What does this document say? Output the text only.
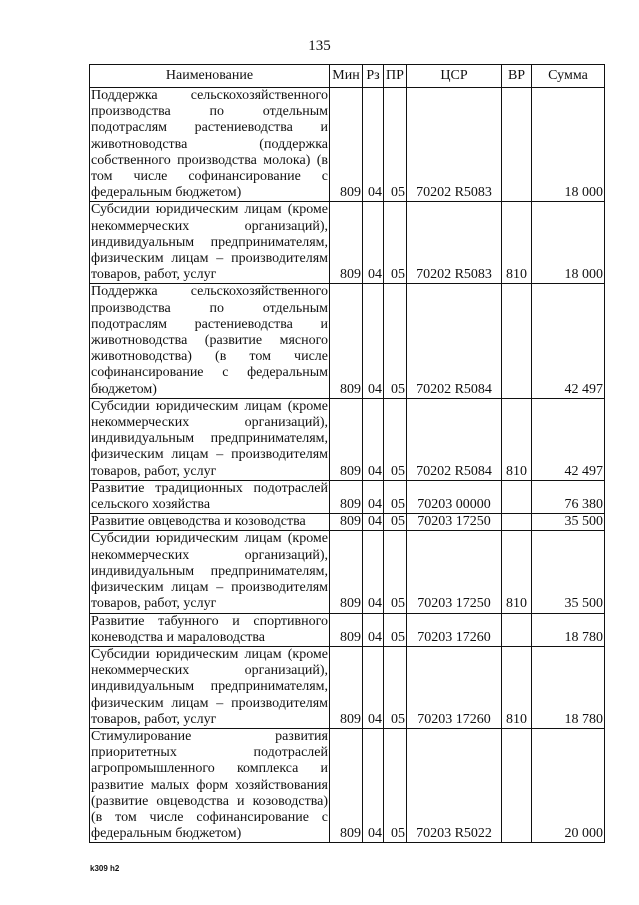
135
Наименование	Мин	Рз	ПР	ЦСР	ВР	Сумма
Поддержка сельскохозяйственного производства по отдельным подотраслям растениеводства и животноводства (поддержка собственного производства молока) (в том числе софинансирование с федеральным бюджетом)	809	04	05	70202 R5083		18 000
Субсидии юридическим лицам (кроме некоммерческих организаций), индивидуальным предпринимателям, физическим лицам – производителям товаров, работ, услуг	809	04	05	70202 R5083	810	18 000
Поддержка сельскохозяйственного производства по отдельным подотраслям растениеводства и животноводства (развитие мясного животноводства) (в том числе софинансирование с федеральным бюджетом)	809	04	05	70202 R5084		42 497
Субсидии юридическим лицам (кроме некоммерческих организаций), индивидуальным предпринимателям, физическим лицам – производителям товаров, работ, услуг	809	04	05	70202 R5084	810	42 497
Развитие традиционных подотраслей сельского хозяйства	809	04	05	70203 00000		76 380
Развитие овцеводства и козоводства	809	04	05	70203 17250		35 500
Субсидии юридическим лицам (кроме некоммерческих организаций), индивидуальным предпринимателям, физическим лицам – производителям товаров, работ, услуг	809	04	05	70203 17250	810	35 500
Развитие табунного и спортивного коневодства и мараловодства	809	04	05	70203 17260		18 780
Субсидии юридическим лицам (кроме некоммерческих организаций), индивидуальным предпринимателям, физическим лицам – производителям товаров, работ, услуг	809	04	05	70203 17260	810	18 780
Стимулирование развития приоритетных подотраслей агропромышленного комплекса и развитие малых форм хозяйствования (развитие овцеводства и козоводства) (в том числе софинансирование с федеральным бюджетом)	809	04	05	70203 R5022		20 000
k309 h2
